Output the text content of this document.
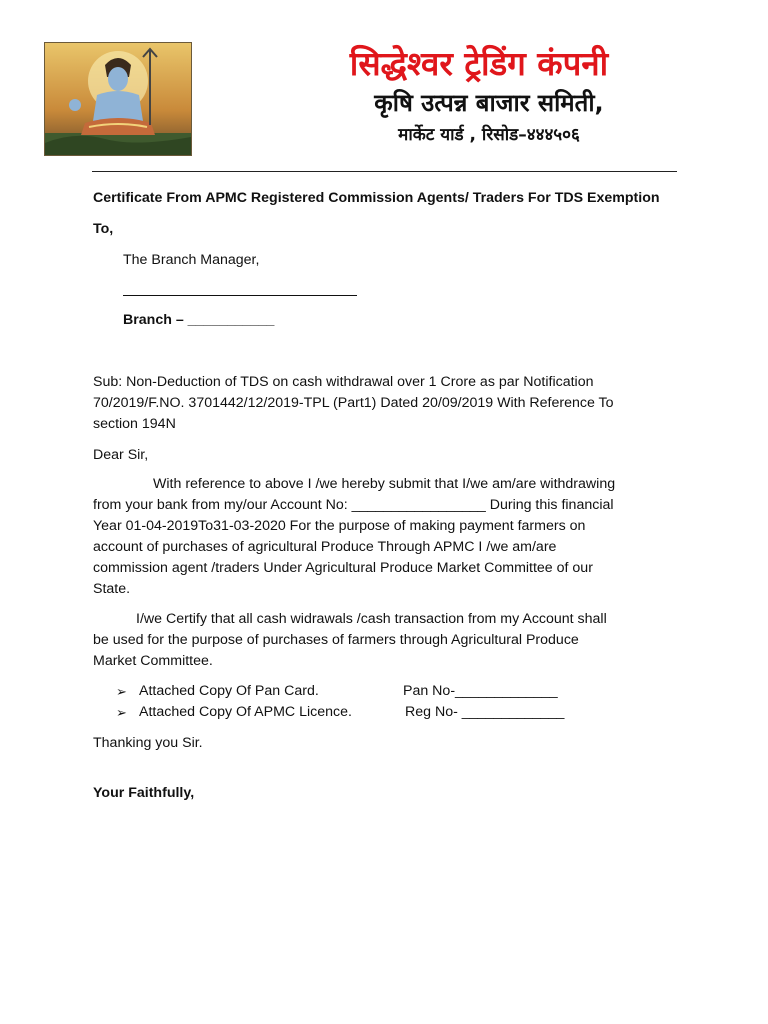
सिद्धेश्वर ट्रेडिंग कंपनी
कृषि उत्पन्न बाजार समिती,
मार्केट यार्ड , रिसोड–४४४५०६
Certificate From APMC Registered Commission Agents/ Traders For TDS Exemption
To,
The Branch Manager,
Branch – ___________
Sub: Non-Deduction of TDS on cash withdrawal over 1 Crore as par Notification
70/2019/F.NO. 3701442/12/2019-TPL (Part1) Dated 20/09/2019 With Reference To
section 194N
Dear Sir,
With reference to above I /we hereby submit that I/we am/are withdrawing
from your bank from my/our Account No: _________________ During this financial
Year 01-04-2019To31-03-2020 For the purpose of making payment farmers on
account of purchases of agricultural Produce Through APMC I /we am/are
commission agent /traders Under Agricultural Produce Market Committee of our
State.
I/we Certify that all cash widrawals /cash transaction from my Account shall
be used for the purpose of purchases of farmers through Agricultural Produce
Market Committee.
➢ Attached Copy Of Pan Card.	Pan No-_____________
➢ Attached Copy Of APMC Licence.	Reg No- _____________
Thanking you Sir.
Your Faithfully,
